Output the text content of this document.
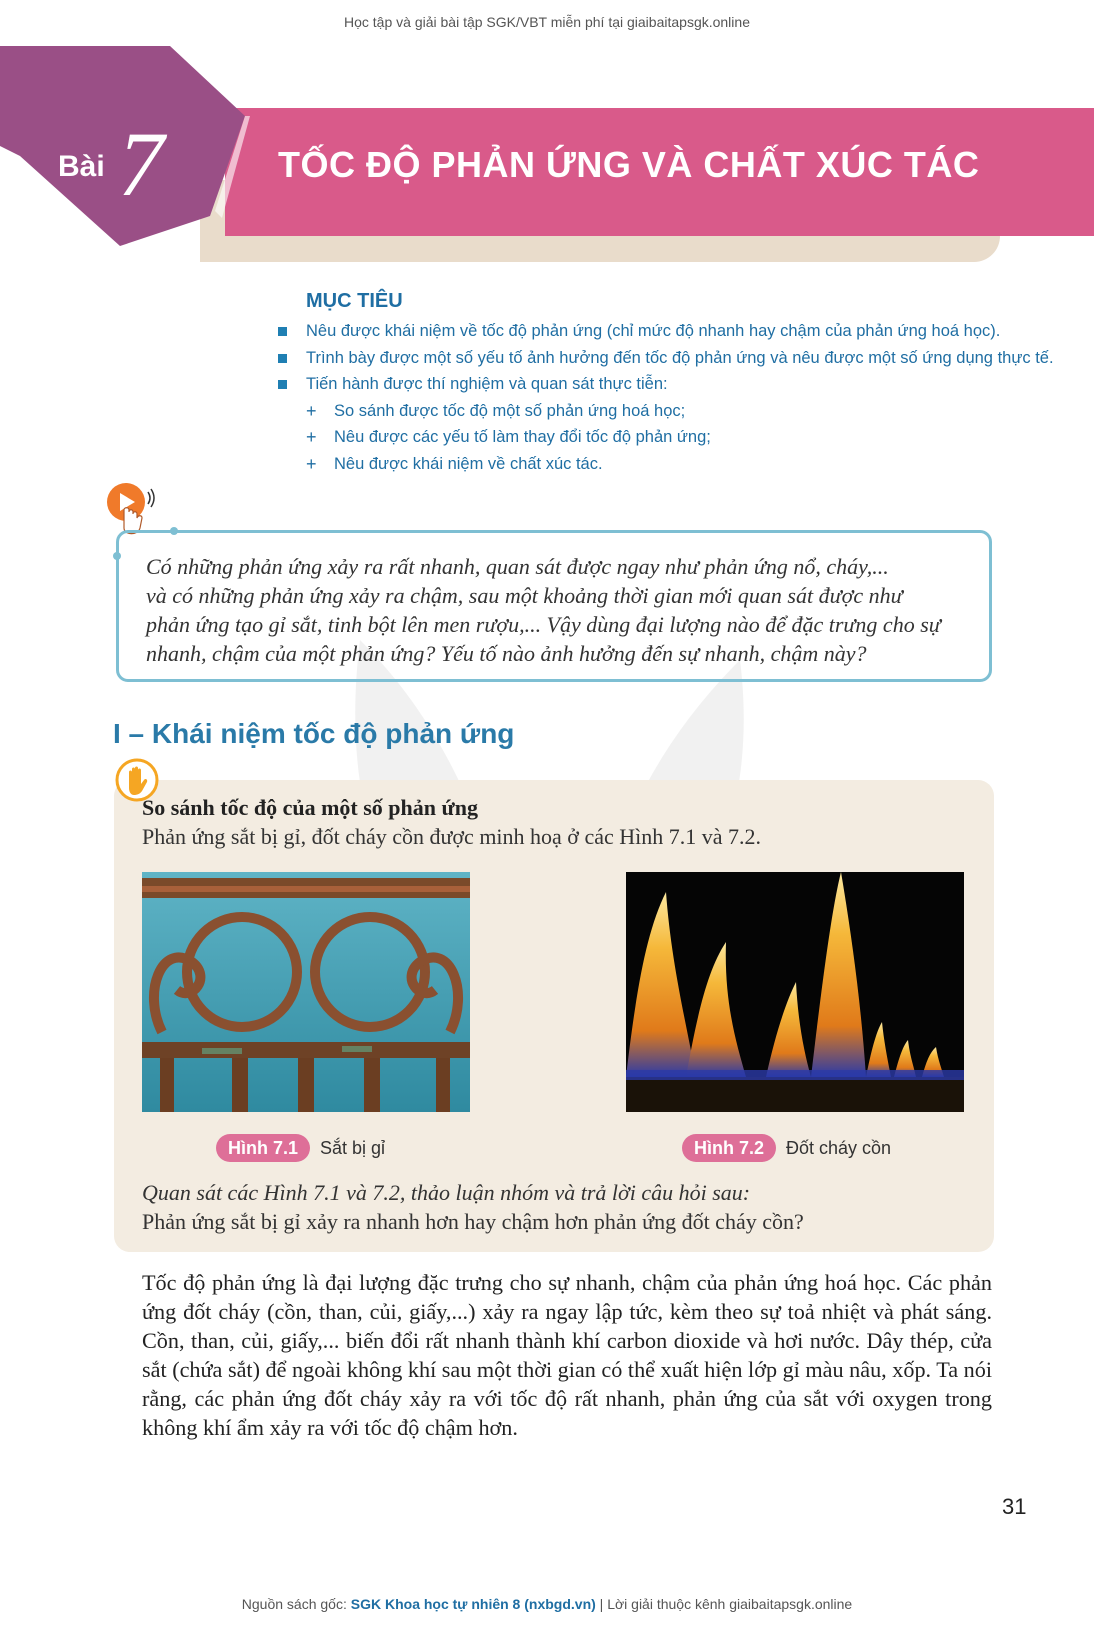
Học tập và giải bài tập SGK/VBT miễn phí tại giaibaitapsgk.online
Bài 7	TỐC ĐỘ PHẢN ỨNG VÀ CHẤT XÚC TÁC
MỤC TIÊU
Nêu được khái niệm về tốc độ phản ứng (chỉ mức độ nhanh hay chậm của phản ứng hoá học).
Trình bày được một số yếu tố ảnh hưởng đến tốc độ phản ứng và nêu được một số ứng dụng thực tế.
Tiến hành được thí nghiệm và quan sát thực tiễn:
+ So sánh được tốc độ một số phản ứng hoá học;
+ Nêu được các yếu tố làm thay đổi tốc độ phản ứng;
+ Nêu được khái niệm về chất xúc tác.
Có những phản ứng xảy ra rất nhanh, quan sát được ngay như phản ứng nổ, cháy,...
và có những phản ứng xảy ra chậm, sau một khoảng thời gian mới quan sát được như
phản ứng tạo gỉ sắt, tinh bột lên men rượu,... Vậy dùng đại lượng nào để đặc trưng cho sự
nhanh, chậm của một phản ứng? Yếu tố nào ảnh hưởng đến sự nhanh, chậm này?
I – Khái niệm tốc độ phản ứng
So sánh tốc độ của một số phản ứng
Phản ứng sắt bị gỉ, đốt cháy cồn được minh hoạ ở các Hình 7.1 và 7.2.
Hình 7.1	Sắt bị gỉ	Hình 7.2	Đốt cháy cồn
Quan sát các Hình 7.1 và 7.2, thảo luận nhóm và trả lời câu hỏi sau:
Phản ứng sắt bị gỉ xảy ra nhanh hơn hay chậm hơn phản ứng đốt cháy cồn?
Tốc độ phản ứng là đại lượng đặc trưng cho sự nhanh, chậm của phản ứng hoá học. Các phản ứng đốt cháy (cồn, than, củi, giấy,...) xảy ra ngay lập tức, kèm theo sự toả nhiệt và phát sáng. Cồn, than, củi, giấy,... biến đổi rất nhanh thành khí carbon dioxide và hơi nước. Dây thép, cửa sắt (chứa sắt) để ngoài không khí sau một thời gian có thể xuất hiện lớp gỉ màu nâu, xốp. Ta nói rằng, các phản ứng đốt cháy xảy ra với tốc độ rất nhanh, phản ứng của sắt với oxygen trong không khí ẩm xảy ra với tốc độ chậm hơn.
31
Nguồn sách gốc: SGK Khoa học tự nhiên 8 (nxbgd.vn) | Lời giải thuộc kênh giaibaitapsgk.online
